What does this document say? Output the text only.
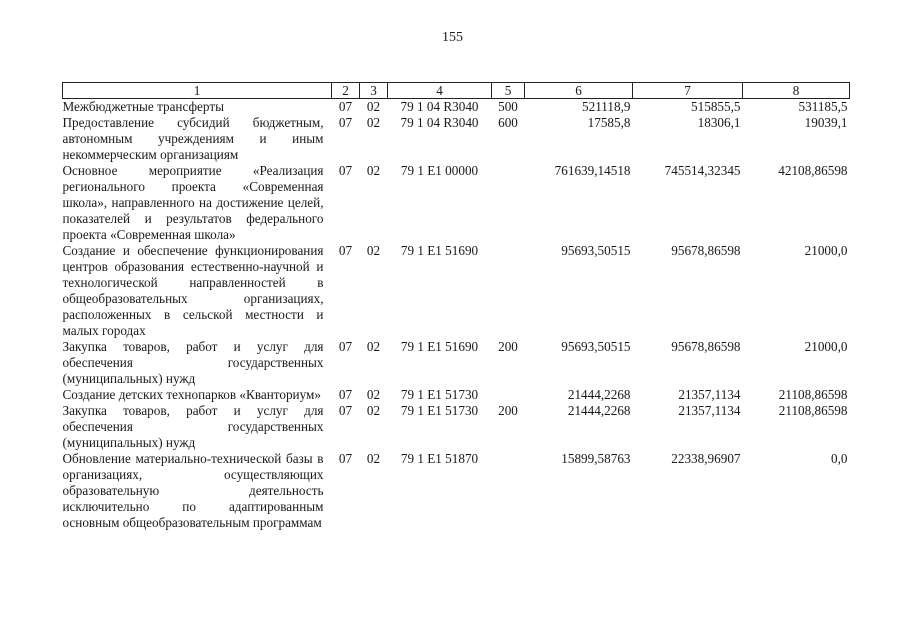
155
1	2	3	4	5	6	7	8
Межбюджетные трансферты	07	02	79 1 04 R3040	500	521118,9	515855,5	531185,5
Предоставление субсидий бюджетным, автономным учреждениям и иным некоммерческим организациям	07	02	79 1 04 R3040	600	17585,8	18306,1	19039,1
Основное мероприятие «Реализация регионального проекта «Современная школа», направленного на достижение целей, показателей и результатов федерального проекта «Современная школа»	07	02	79 1 E1 00000		761639,14518	745514,32345	42108,86598
Создание и обеспечение функционирования центров образования естественно-научной и технологической направленностей в общеобразовательных организациях, расположенных в сельской местности и малых городах	07	02	79 1 E1 51690		95693,50515	95678,86598	21000,0
Закупка товаров, работ и услуг для обеспечения государственных (муниципальных) нужд	07	02	79 1 E1 51690	200	95693,50515	95678,86598	21000,0
Создание детских технопарков «Кванториум»	07	02	79 1 E1 51730		21444,2268	21357,1134	21108,86598
Закупка товаров, работ и услуг для обеспечения государственных (муниципальных) нужд	07	02	79 1 E1 51730	200	21444,2268	21357,1134	21108,86598
Обновление материально-технической базы в организациях, осуществляющих образовательную деятельность исключительно по адаптированным основным общеобразовательным программам	07	02	79 1 E1 51870		15899,58763	22338,96907	0,0
